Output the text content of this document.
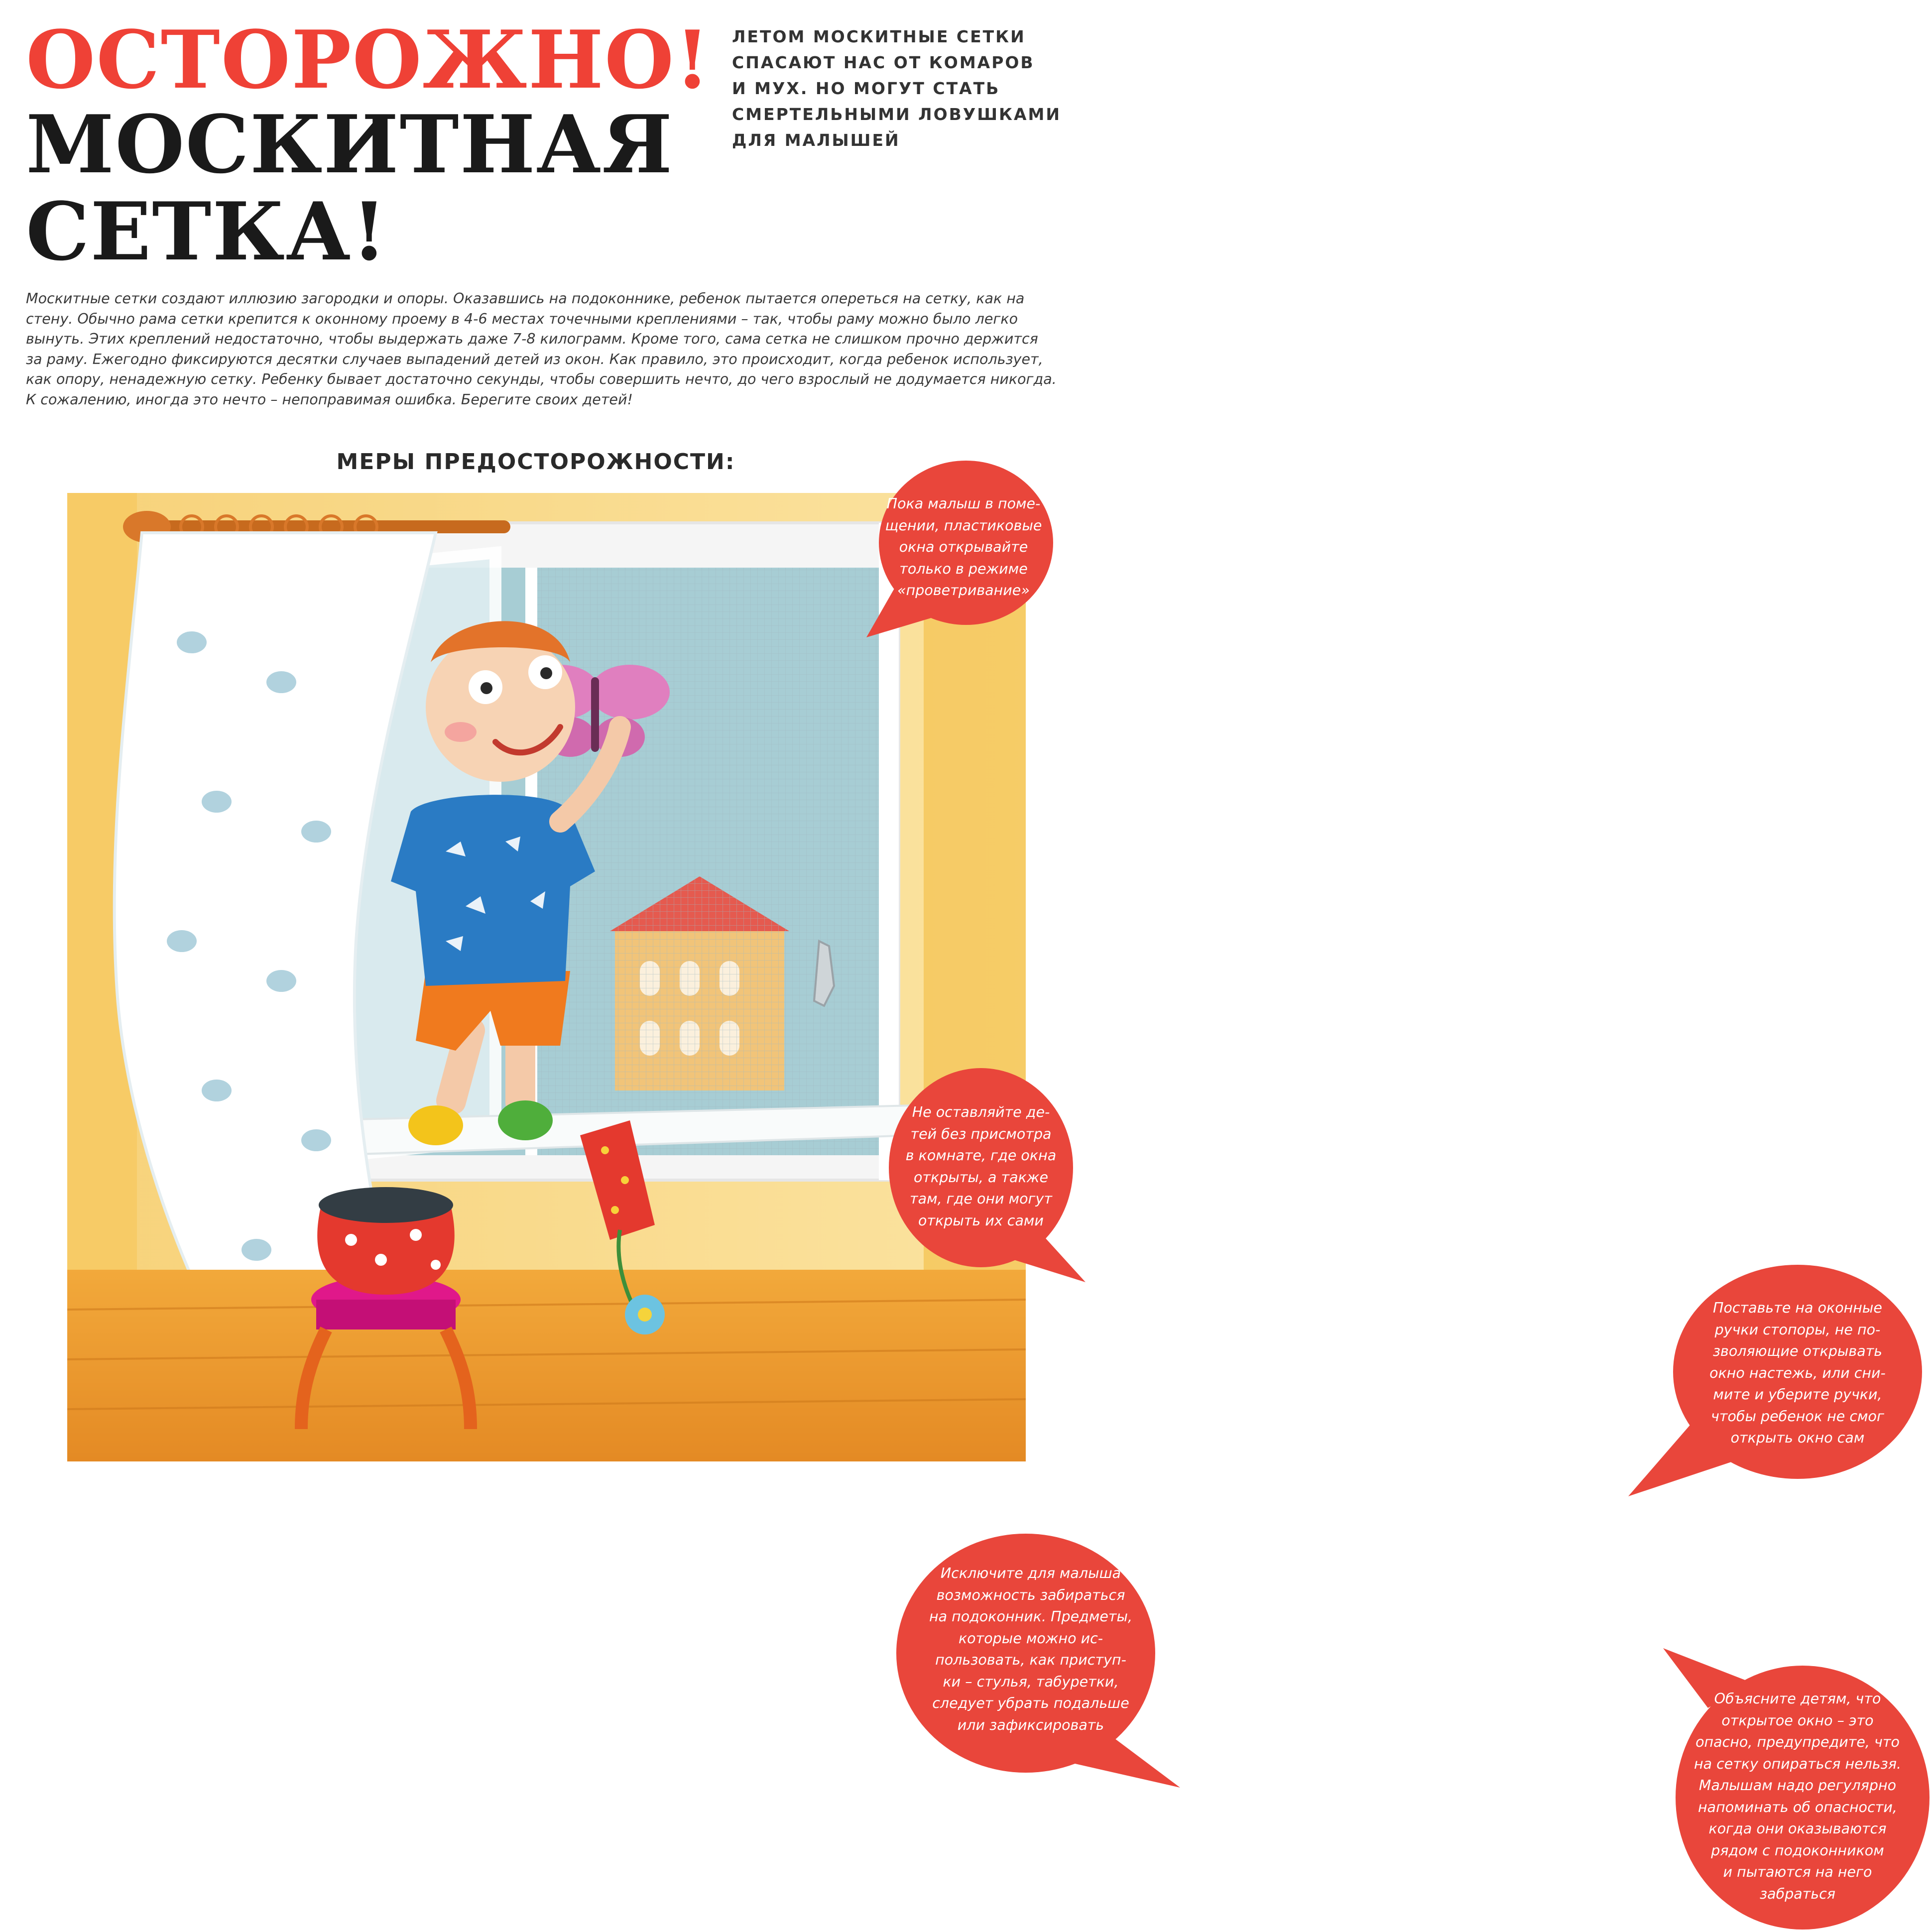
ОСТОРОЖНО!
МОСКИТНАЯ
СЕТКА!
ЛЕТОМ МОСКИТНЫЕ СЕТКИ
СПАСАЮТ НАС ОТ КОМАРОВ
И МУХ. НО МОГУТ СТАТЬ
СМЕРТЕЛЬНЫМИ ЛОВУШКАМИ
ДЛЯ МАЛЫШЕЙ
Москитные сетки создают иллюзию загородки и опоры. Оказавшись на подоконнике, ребенок пытается опереться на сетку, как на
стену. Обычно рама сетки крепится к оконному проему в 4-6 местах точечными креплениями – так, чтобы раму можно было легко
вынуть. Этих креплений недостаточно, чтобы выдержать даже 7-8 килограмм. Кроме того, сама сетка не слишком прочно держится
за раму. Ежегодно фиксируются десятки случаев выпадений детей из окон. Как правило, это происходит, когда ребенок использует,
как опору, ненадежную сетку. Ребенку бывает достаточно секунды, чтобы совершить нечто, до чего взрослый не додумается никогда.
К сожалению, иногда это нечто – непоправимая ошибка. Берегите своих детей!
МЕРЫ ПРЕДОСТОРОЖНОСТИ:
Пока малыш в поме-
щении, пластиковые
окна открывайте
только в режиме
«проветривание»
Не оставляйте де-
тей без присмотра
в комнате, где окна
открыты, а также
там, где они могут
открыть их сами
Поставьте на оконные
ручки стопоры, не по-
зволяющие открывать
окно настежь, или сни-
мите и уберите ручки,
чтобы ребенок не смог
открыть окно сам
Исключите для малыша
возможность забираться
на подоконник. Предметы,
которые можно ис-
пользовать, как приступ-
ки – стулья, табуретки,
следует убрать подальше
или зафиксировать
Объясните детям, что
открытое окно – это
опасно, предупредите, что
на сетку опираться нельзя.
Малышам надо регулярно
напоминать об опасности,
когда они оказываются
рядом с подоконником
и пытаются на него
забраться
